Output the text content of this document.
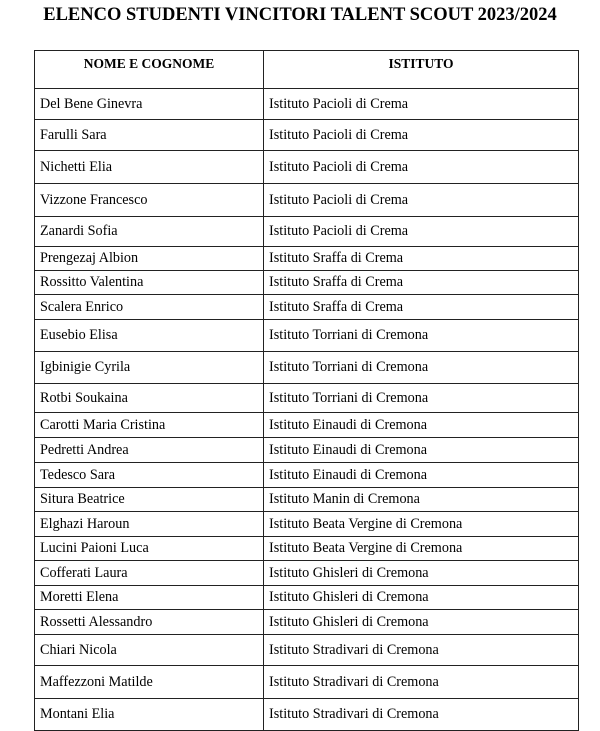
ELENCO STUDENTI VINCITORI TALENT SCOUT 2023/2024
NOME E COGNOME	ISTITUTO
Del Bene Ginevra	Istituto Pacioli di Crema
Farulli Sara	Istituto Pacioli di Crema
Nichetti Elia	Istituto Pacioli di Crema
Vizzone Francesco	Istituto Pacioli di Crema
Zanardi Sofia	Istituto Pacioli di Crema
Prengezaj Albion	Istituto Sraffa di Crema
Rossitto Valentina	Istituto Sraffa di Crema
Scalera Enrico	Istituto Sraffa di Crema
Eusebio Elisa	Istituto Torriani di Cremona
Igbinigie Cyrila	Istituto Torriani di Cremona
Rotbi Soukaina	Istituto Torriani di Cremona
Carotti Maria Cristina	Istituto Einaudi di Cremona
Pedretti Andrea	Istituto Einaudi di Cremona
Tedesco Sara	Istituto Einaudi di Cremona
Situra Beatrice	Istituto Manin di Cremona
Elghazi Haroun	Istituto Beata Vergine di Cremona
Lucini Paioni Luca	Istituto Beata Vergine di Cremona
Cofferati Laura	Istituto Ghisleri di Cremona
Moretti Elena	Istituto Ghisleri di Cremona
Rossetti Alessandro	Istituto Ghisleri di Cremona
Chiari Nicola	Istituto Stradivari di Cremona
Maffezzoni Matilde	Istituto Stradivari di Cremona
Montani Elia	Istituto Stradivari di Cremona
